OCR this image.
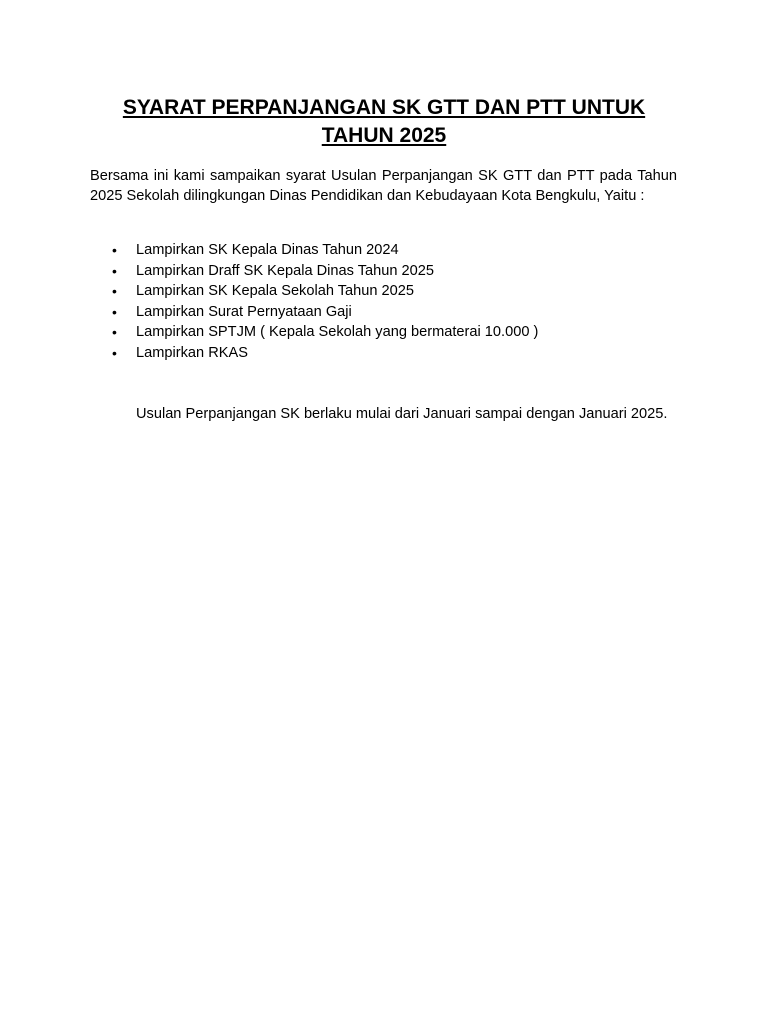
SYARAT PERPANJANGAN SK GTT DAN PTT UNTUK TAHUN 2025

Bersama ini kami sampaikan syarat Usulan Perpanjangan SK GTT dan PTT pada Tahun 2025 Sekolah dilingkungan Dinas Pendidikan dan Kebudayaan Kota Bengkulu, Yaitu :

• Lampirkan SK Kepala Dinas Tahun 2024
• Lampirkan Draff SK Kepala Dinas Tahun 2025
• Lampirkan SK Kepala Sekolah Tahun 2025
• Lampirkan Surat Pernyataan Gaji
• Lampirkan SPTJM ( Kepala Sekolah yang bermaterai 10.000 )
• Lampirkan RKAS

Usulan Perpanjangan SK berlaku mulai dari Januari sampai dengan Januari 2025.
